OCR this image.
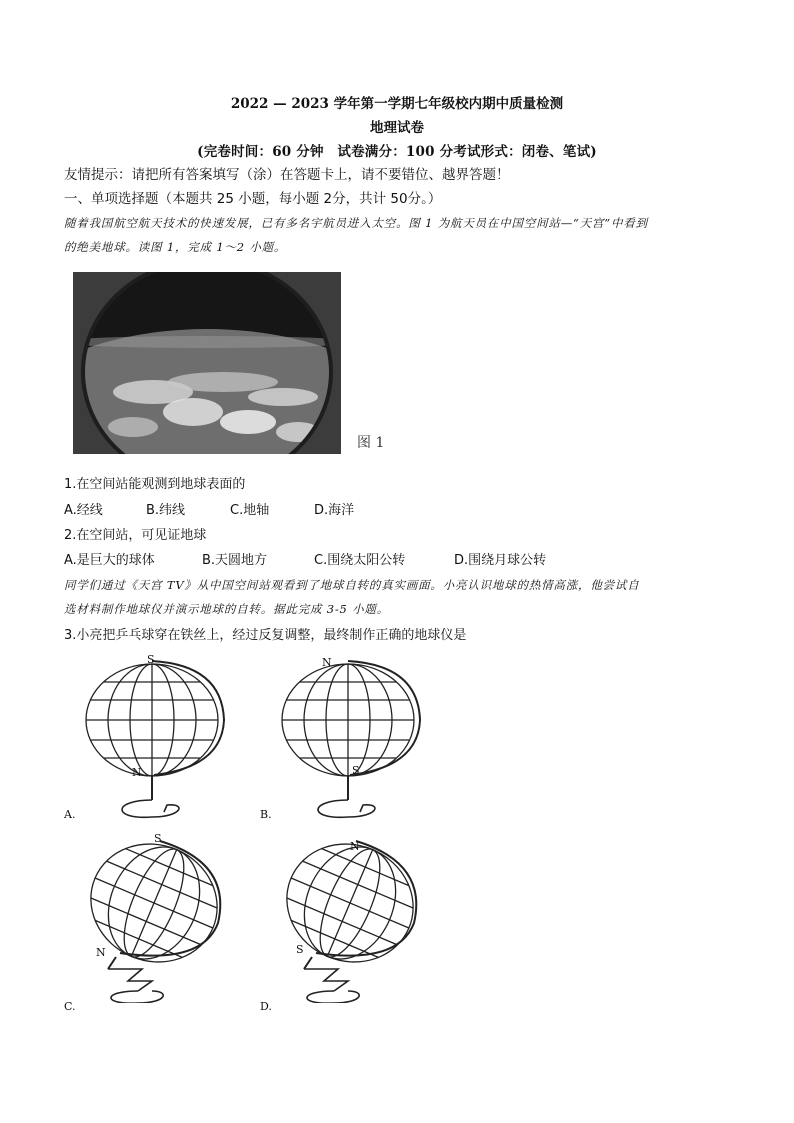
2022 — 2023 学年第一学期七年级校内期中质量检测
地理试卷
(完卷时间：60 分钟　试卷满分：100 分考试形式：闭卷、笔试)
友情提示：请把所有答案填写（涂）在答题卡上，请不要错位、越界答题！
一、单项选择题（本题共 25 小题，每小题 2分，共计 50分。）
随着我国航空航天技术的快速发展，已有多名宇航员进入太空。图 1 为航天员在中国空间站—“天宫”中看到
的绝美地球。读图 1，完成 1～2 小题。
图 1
1.在空间站能观测到地球表面的
A.经线	B.纬线	C.地轴	D.海洋
2.在空间站，可见证地球
A.是巨大的球体	B.天圆地方	C.围绕太阳公转	D.围绕月球公转
同学们通过《天宫 TV》从中国空间站观看到了地球自转的真实画面。小亮认识地球的热情高涨，他尝试自
选材料制作地球仪并演示地球的自转。据此完成 3-5 小题。
3.小亮把乒乓球穿在铁丝上，经过反复调整，最终制作正确的地球仪是
S
N
A.
N
S
B.
S
N
C.
N
S
D.
